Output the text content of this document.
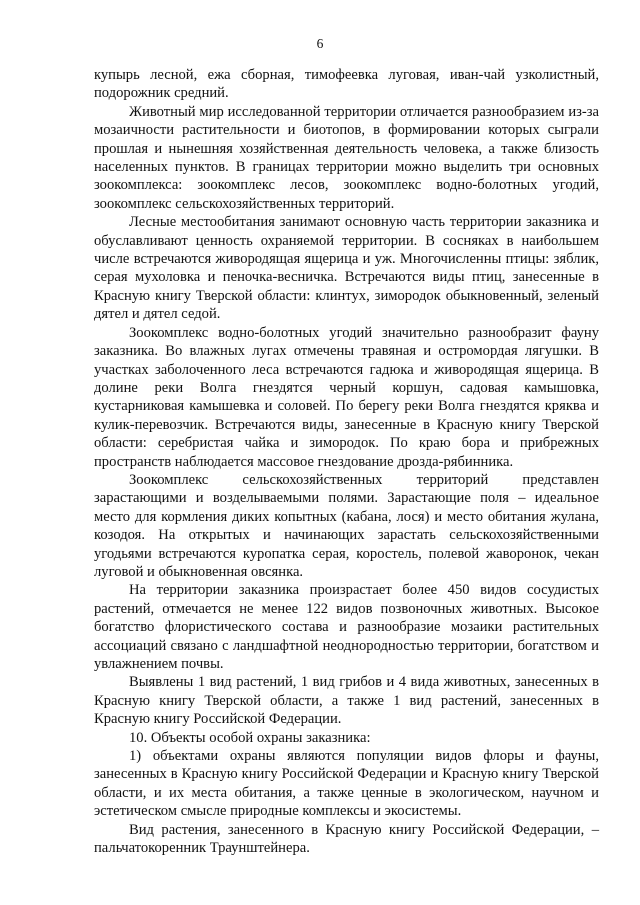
6

купырь лесной, ежа сборная, тимофеевка луговая, иван-чай узколистный, подорожник средний.

Животный мир исследованной территории отличается разнообразием из-за мозаичности растительности и биотопов, в формировании которых сыграли прошлая и нынешняя хозяйственная деятельность человека, а также близость населенных пунктов. В границах территории можно выделить три основных зоокомплекса: зоокомплекс лесов, зоокомплекс водно-болотных угодий, зоокомплекс сельскохозяйственных территорий.

Лесные местообитания занимают основную часть территории заказника и обуславливают ценность охраняемой территории. В сосняках в наибольшем числе встречаются живородящая ящерица и уж. Многочисленны птицы: зяблик, серая мухоловка и пеночка-весничка. Встречаются виды птиц, занесенные в Красную книгу Тверской области: клинтух, зимородок обыкновенный, зеленый дятел и дятел седой.

Зоокомплекс водно-болотных угодий значительно разнообразит фауну заказника. Во влажных лугах отмечены травяная и остромордая лягушки. В участках заболоченного леса встречаются гадюка и живородящая ящерица. В долине реки Волга гнездятся черный коршун, садовая камышовка, кустарниковая камышевка и соловей. По берегу реки Волга гнездятся кряква и кулик-перевозчик. Встречаются виды, занесенные в Красную книгу Тверской области: серебристая чайка и зимородок. По краю бора и прибрежных пространств наблюдается массовое гнездование дрозда-рябинника.

Зоокомплекс сельскохозяйственных территорий представлен зарастающими и возделываемыми полями. Зарастающие поля – идеальное место для кормления диких копытных (кабана, лося) и место обитания жулана, козодоя. На открытых и начинающих зарастать сельскохозяйственными угодьями встречаются куропатка серая, коростель, полевой жаворонок, чекан луговой и обыкновенная овсянка.

На территории заказника произрастает более 450 видов сосудистых растений, отмечается не менее 122 видов позвоночных животных. Высокое богатство флористического состава и разнообразие мозаики растительных ассоциаций связано с ландшафтной неоднородностью территории, богатством и увлажнением почвы.

Выявлены 1 вид растений, 1 вид грибов и 4 вида животных, занесенных в Красную книгу Тверской области, а также 1 вид растений, занесенных в Красную книгу Российской Федерации.

10. Объекты особой охраны заказника:

1) объектами охраны являются популяции видов флоры и фауны, занесенных в Красную книгу Российской Федерации и Красную книгу Тверской области, и их места обитания, а также ценные в экологическом, научном и эстетическом смысле природные комплексы и экосистемы.

Вид растения, занесенного в Красную книгу Российской Федерации, – пальчатокоренник Траунштейнера.
